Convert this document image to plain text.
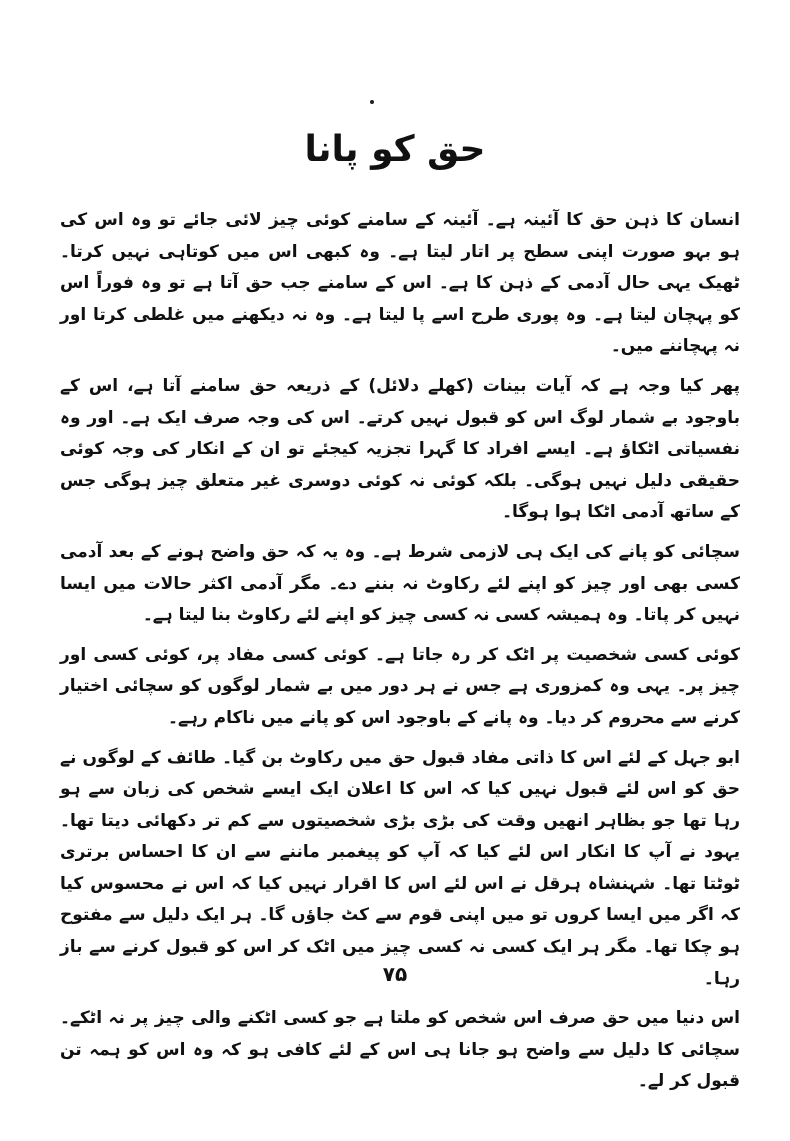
حق کو پانا

انسان کا ذہن حق کا آئینہ ہے۔ آئینہ کے سامنے کوئی چیز لائی جائے تو وہ اس کی ہو بہو صورت اپنی سطح پر اتار لیتا ہے۔ وہ کبھی اس میں کوتاہی نہیں کرتا۔ ٹھیک یہی حال آدمی کے ذہن کا ہے۔ اس کے سامنے جب حق آتا ہے تو وہ فوراً اس کو پہچان لیتا ہے۔ وہ پوری طرح اسے پا لیتا ہے۔ وہ نہ دیکھنے میں غلطی کرتا اور نہ پہچاننے میں۔

پھر کیا وجہ ہے کہ آیات بینات (کھلے دلائل) کے ذریعہ حق سامنے آتا ہے، اس کے باوجود بے شمار لوگ اس کو قبول نہیں کرتے۔ اس کی وجہ صرف ایک ہے۔ اور وہ نفسیاتی اٹکاؤ ہے۔ ایسے افراد کا گہرا تجزیہ کیجئے تو ان کے انکار کی وجہ کوئی حقیقی دلیل نہیں ہوگی۔ بلکہ کوئی نہ کوئی دوسری غیر متعلق چیز ہوگی جس کے ساتھ آدمی اٹکا ہوا ہوگا۔

سچائی کو پانے کی ایک ہی لازمی شرط ہے۔ وہ یہ کہ حق واضح ہونے کے بعد آدمی کسی بھی اور چیز کو اپنے لئے رکاوٹ نہ بننے دے۔ مگر آدمی اکثر حالات میں ایسا نہیں کر پاتا۔ وہ ہمیشہ کسی نہ کسی چیز کو اپنے لئے رکاوٹ بنا لیتا ہے۔

کوئی کسی شخصیت پر اٹک کر رہ جاتا ہے۔ کوئی کسی مفاد پر، کوئی کسی اور چیز پر۔ یہی وہ کمزوری ہے جس نے ہر دور میں بے شمار لوگوں کو سچائی اختیار کرنے سے محروم کر دیا۔ وہ پانے کے باوجود اس کو پانے میں ناکام رہے۔

ابو جہل کے لئے اس کا ذاتی مفاد قبول حق میں رکاوٹ بن گیا۔ طائف کے لوگوں نے حق کو اس لئے قبول نہیں کیا کہ اس کا اعلان ایک ایسے شخص کی زبان سے ہو رہا تھا جو بظاہر انھیں وقت کی بڑی بڑی شخصیتوں سے کم تر دکھائی دیتا تھا۔ یہود نے آپ کا انکار اس لئے کیا کہ آپ کو پیغمبر ماننے سے ان کا احساس برتری ٹوٹتا تھا۔ شہنشاہ ہرقل نے اس لئے اس کا اقرار نہیں کیا کہ اس نے محسوس کیا کہ اگر میں ایسا کروں تو میں اپنی قوم سے کٹ جاؤں گا۔ ہر ایک دلیل سے مفتوح ہو چکا تھا۔ مگر ہر ایک کسی نہ کسی چیز میں اٹک کر اس کو قبول کرنے سے باز رہا۔

اس دنیا میں حق صرف اس شخص کو ملتا ہے جو کسی اٹکنے والی چیز پر نہ اٹکے۔ سچائی کا دلیل سے واضح ہو جانا ہی اس کے لئے کافی ہو کہ وہ اس کو ہمہ تن قبول کر لے۔

۷۵
